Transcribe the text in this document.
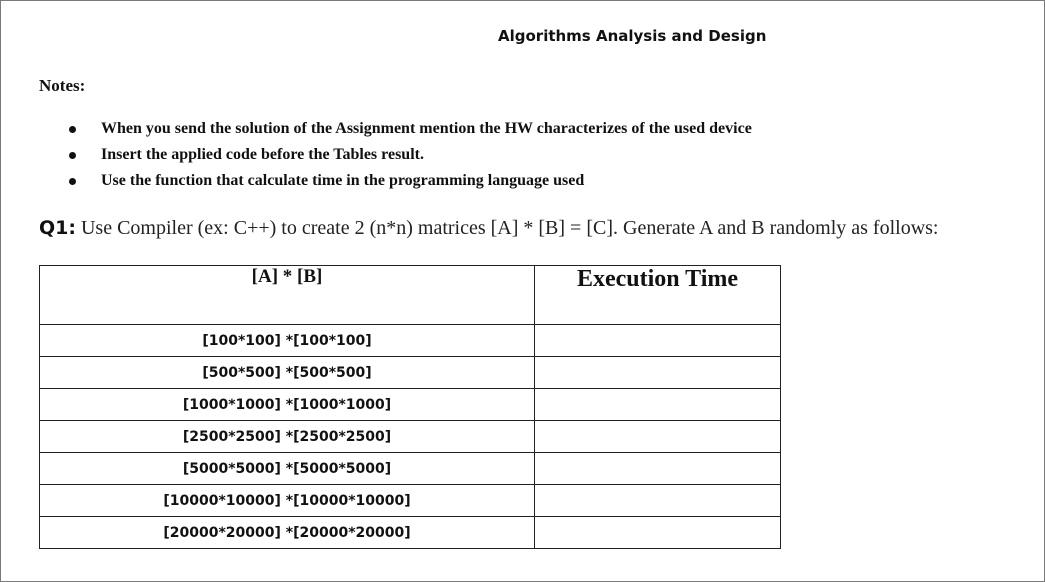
Algorithms Analysis and Design
Notes:
When you send the solution of the Assignment mention the HW characterizes of the used device
Insert the applied code before the Tables result.
Use the function that calculate time in the programming language used
Q1: Use Compiler (ex: C++) to create 2 (n*n) matrices [A] * [B] = [C]. Generate A and B randomly as follows:
[A] * [B]	Execution Time
[100*100] *[100*100]	
[500*500] *[500*500]	
[1000*1000] *[1000*1000]	
[2500*2500] *[2500*2500]	
[5000*5000] *[5000*5000]	
[10000*10000] *[10000*10000]	
[20000*20000] *[20000*20000]	
